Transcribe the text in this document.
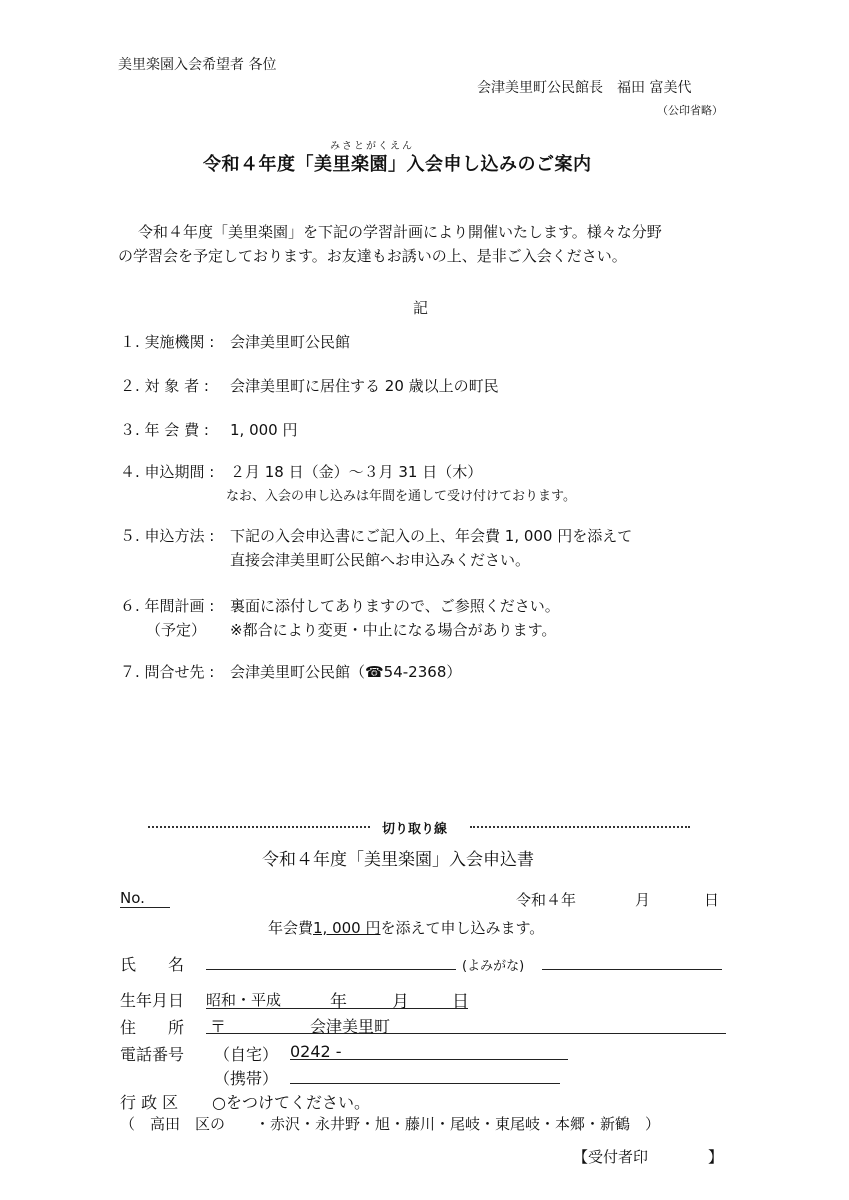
美里楽園入会希望者 各位
会津美里町公民館長　福田 富美代
（公印省略）
みさとがくえん
令和４年度「美里楽園」入会申し込みのご案内
令和４年度「美里楽園」を下記の学習計画により開催いたします。様々な分野
の学習会を予定しております。お友達もお誘いの上、是非ご入会ください。
記
１. 実施機関 : 会津美里町公民館
２. 対 象 者 : 会津美里町に居住する 20 歳以上の町民
３. 年 会 費 : 1, 000 円
４. 申込期間 : ２月 18 日（金）～３月 31 日（木）
なお、入会の申し込みは年間を通して受け付けております。
５. 申込方法 : 下記の入会申込書にご記入の上、年会費 1, 000 円を添えて
直接会津美里町公民館へお申込みください。
６. 年間計画 : 裏面に添付してありますので、ご参照ください。
（予定） ※都合により変更・中止になる場合があります。
７. 問合せ先 : 会津美里町公民館（☎54-2368）
切り取り線
令和４年度「美里楽園」入会申込書
No.	令和４年	月	日
年会費1, 000 円を添えて申し込みます。
氏　　名	(よみがな)
生年月日 昭和・平成	年	月	日
住　　所 〒	会津美里町
電話番号 （自宅） 0242 -
（携帯）
行 政 区 ○をつけてください。
（　高田　区の　　・赤沢・永井野・旭・藤川・尾岐・東尾岐・本郷・新鶴　）
【受付者印　　　　】
